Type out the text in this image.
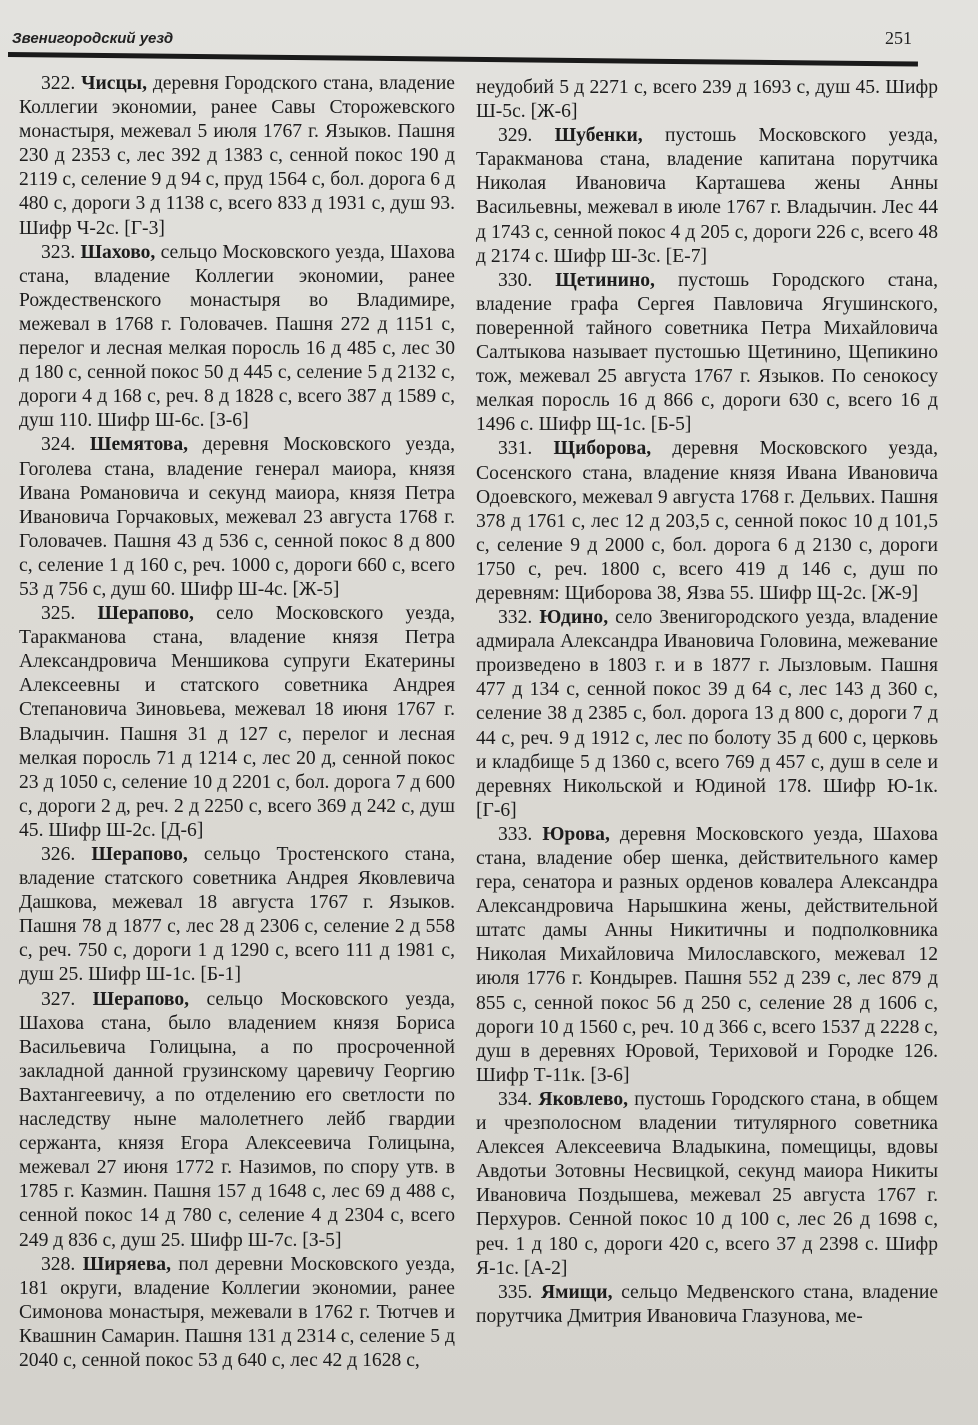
Звенигородский уезд	251

322. Чисцы, деревня Городского стана, владение Коллегии экономии, ранее Савы Сторожевского монастыря, межевал 5 июля 1767 г. Языков. Пашня 230 д 2353 с, лес 392 д 1383 с, сенной покос 190 д 2119 с, селение 9 д 94 с, пруд 1564 с, бол. дорога 6 д 480 с, дороги 3 д 1138 с, всего 833 д 1931 с, душ 93. Шифр Ч-2с. [Г-3]

323. Шахово, сельцо Московского уезда, Шахова стана, владение Коллегии экономии, ранее Рождественского монастыря во Владимире, межевал в 1768 г. Головачев. Пашня 272 д 1151 с, перелог и лесная мелкая поросль 16 д 485 с, лес 30 д 180 с, сенной покос 50 д 445 с, селение 5 д 2132 с, дороги 4 д 168 с, реч. 8 д 1828 с, всего 387 д 1589 с, душ 110. Шифр Ш-6с. [З-6]

324. Шемятова, деревня Московского уезда, Гоголева стана, владение генерал маиора, князя Ивана Романовича и секунд маиора, князя Петра Ивановича Горчаковых, межевал 23 августа 1768 г. Головачев. Пашня 43 д 536 с, сенной покос 8 д 800 с, селение 1 д 160 с, реч. 1000 с, дороги 660 с, всего 53 д 756 с, душ 60. Шифр Ш-4с. [Ж-5]

325. Шерапово, село Московского уезда, Таракманова стана, владение князя Петра Александровича Меншикова супруги Екатерины Алексеевны и статского советника Андрея Степановича Зиновьева, межевал 18 июня 1767 г. Владычин. Пашня 31 д 127 с, перелог и лесная мелкая поросль 71 д 1214 с, лес 20 д, сенной покос 23 д 1050 с, селение 10 д 2201 с, бол. дорога 7 д 600 с, дороги 2 д, реч. 2 д 2250 с, всего 369 д 242 с, душ 45. Шифр Ш-2с. [Д-6]

326. Шерапово, сельцо Тростенского стана, владение статского советника Андрея Яковлевича Дашкова, межевал 18 августа 1767 г. Языков. Пашня 78 д 1877 с, лес 28 д 2306 с, селение 2 д 558 с, реч. 750 с, дороги 1 д 1290 с, всего 111 д 1981 с, душ 25. Шифр Ш-1с. [Б-1]

327. Шерапово, сельцо Московского уезда, Шахова стана, было владением князя Бориса Васильевича Голицына, а по просроченной закладной данной грузинскому царевичу Георгию Вахтангеевичу, а по отделению его светлости по наследству ныне малолетнего лейб гвардии сержанта, князя Егора Алексеевича Голицына, межевал 27 июня 1772 г. Назимов, по спору утв. в 1785 г. Казмин. Пашня 157 д 1648 с, лес 69 д 488 с, сенной покос 14 д 780 с, селение 4 д 2304 с, всего 249 д 836 с, душ 25. Шифр Ш-7с. [З-5]

328. Ширяева, пол деревни Московского уезда, 181 округи, владение Коллегии экономии, ранее Симонова монастыря, межевали в 1762 г. Тютчев и Квашнин Самарин. Пашня 131 д 2314 с, селение 5 д 2040 с, сенной покос 53 д 640 с, лес 42 д 1628 с,

неудобий 5 д 2271 с, всего 239 д 1693 с, душ 45. Шифр Ш-5с. [Ж-6]

329. Шубенки, пустошь Московского уезда, Таракманова стана, владение капитана порутчика Николая Ивановича Карташева жены Анны Васильевны, межевал в июле 1767 г. Владычин. Лес 44 д 1743 с, сенной покос 4 д 205 с, дороги 226 с, всего 48 д 2174 с. Шифр Ш-3с. [Е-7]

330. Щетинино, пустошь Городского стана, владение графа Сергея Павловича Ягушинского, поверенной тайного советника Петра Михайловича Салтыкова называет пустошью Щетинино, Щепикино тож, межевал 25 августа 1767 г. Языков. По сенокосу мелкая поросль 16 д 866 с, дороги 630 с, всего 16 д 1496 с. Шифр Щ-1с. [Б-5]

331. Щиборова, деревня Московского уезда, Сосенского стана, владение князя Ивана Ивановича Одоевского, межевал 9 августа 1768 г. Дельвих. Пашня 378 д 1761 с, лес 12 д 203,5 с, сенной покос 10 д 101,5 с, селение 9 д 2000 с, бол. дорога 6 д 2130 с, дороги 1750 с, реч. 1800 с, всего 419 д 146 с, душ по деревням: Щиборова 38, Язва 55. Шифр Щ-2с. [Ж-9]

332. Юдино, село Звенигородского уезда, владение адмирала Александра Ивановича Головина, межевание произведено в 1803 г. и в 1877 г. Лызловым. Пашня 477 д 134 с, сенной покос 39 д 64 с, лес 143 д 360 с, селение 38 д 2385 с, бол. дорога 13 д 800 с, дороги 7 д 44 с, реч. 9 д 1912 с, лес по болоту 35 д 600 с, церковь и кладбище 5 д 1360 с, всего 769 д 457 с, душ в селе и деревнях Никольской и Юдиной 178. Шифр Ю-1к. [Г-6]

333. Юрова, деревня Московского уезда, Шахова стана, владение обер шенка, действительного камер гера, сенатора и разных орденов ковалера Александра Александровича Нарышкина жены, действительной штатс дамы Анны Никитичны и подполковника Николая Михайловича Милославского, межевал 12 июля 1776 г. Кондырев. Пашня 552 д 239 с, лес 879 д 855 с, сенной покос 56 д 250 с, селение 28 д 1606 с, дороги 10 д 1560 с, реч. 10 д 366 с, всего 1537 д 2228 с, душ в деревнях Юровой, Териховой и Городке 126. Шифр Т-11к. [З-6]

334. Яковлево, пустошь Городского стана, в общем и чрезполосном владении титулярного советника Алексея Алексеевича Владыкина, помещицы, вдовы Авдотьи Зотовны Несвицкой, секунд маиора Никиты Ивановича Поздышева, межевал 25 августа 1767 г. Перхуров. Сенной покос 10 д 100 с, лес 26 д 1698 с, реч. 1 д 180 с, дороги 420 с, всего 37 д 2398 с. Шифр Я-1с. [А-2]

335. Ямищи, сельцо Медвенского стана, владение порутчика Дмитрия Ивановича Глазунова, ме-
